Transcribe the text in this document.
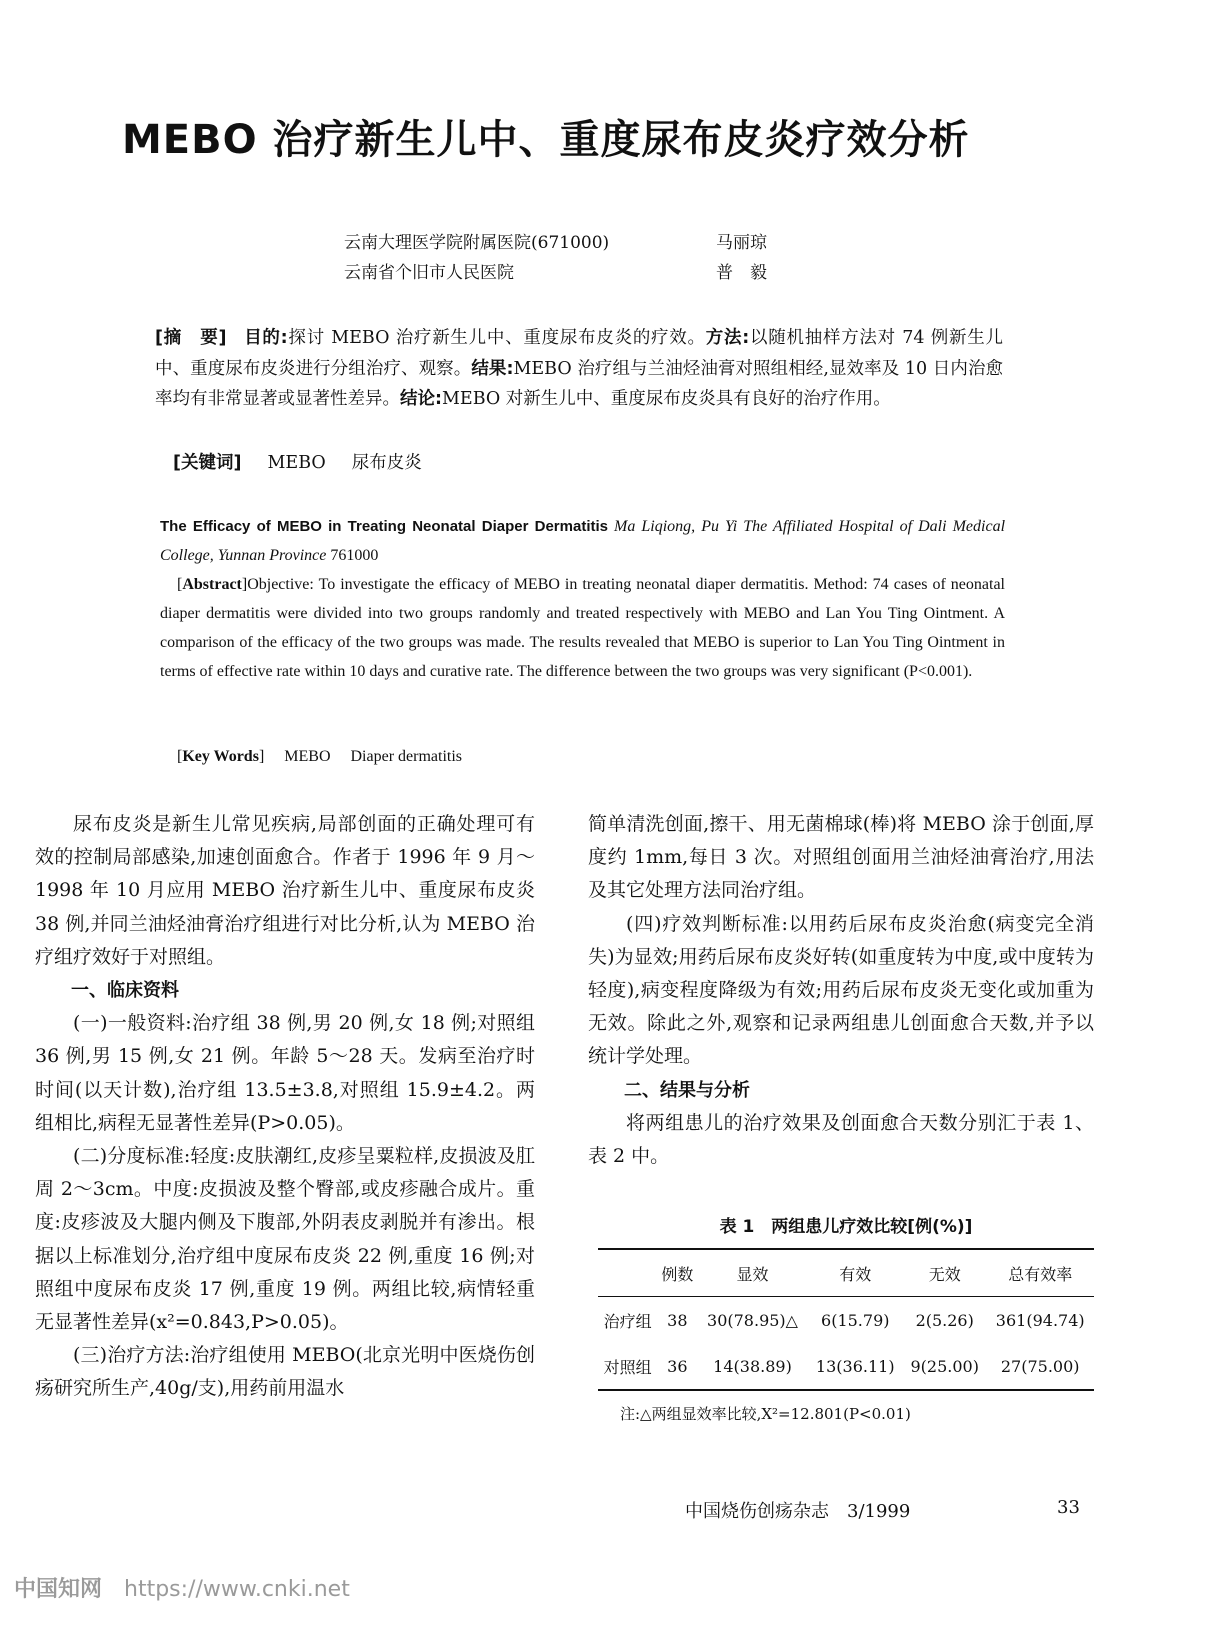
MEBO 治疗新生儿中、重度尿布皮炎疗效分析
云南大理医学院附属医院(671000)	马丽琼
云南省个旧市人民医院	普　毅

[摘　要] 目的:探讨 MEBO 治疗新生儿中、重度尿布皮炎的疗效。方法:以随机抽样方法对 74 例新生儿中、重度尿布皮炎进行分组治疗、观察。结果:MEBO 治疗组与兰油烃油膏对照组相经,显效率及 10 日内治愈率均有非常显著或显著性差异。结论:MEBO 对新生儿中、重度尿布皮炎具有良好的治疗作用。

[关键词] MEBO 尿布皮炎

The Efficacy of MEBO in Treating Neonatal Diaper Dermatitis Ma Liqiong, Pu Yi The Affiliated Hospital of Dali Medical College, Yunnan Province 761000

[Abstract]Objective: To investigate the efficacy of MEBO in treating neonatal diaper dermatitis. Method: 74 cases of neonatal diaper dermatitis were divided into two groups randomly and treated respectively with MEBO and Lan You Ting Ointment. A comparison of the efficacy of the two groups was made. The results revealed that MEBO is superior to Lan You Ting Ointment in terms of effective rate within 10 days and curative rate. The difference between the two groups was very significant (P<0.001).

[Key Words] MEBO Diaper dermatitis

尿布皮炎是新生儿常见疾病,局部创面的正确处理可有效的控制局部感染,加速创面愈合。作者于 1996 年 9 月～1998 年 10 月应用 MEBO 治疗新生儿中、重度尿布皮炎 38 例,并同兰油烃油膏治疗组进行对比分析,认为 MEBO 治疗组疗效好于对照组。

一、临床资料

(一)一般资料:治疗组 38 例,男 20 例,女 18 例;对照组 36 例,男 15 例,女 21 例。年龄 5～28 天。发病至治疗时时间(以天计数),治疗组 13.5±3.8,对照组 15.9±4.2。两组相比,病程无显著性差异(P>0.05)。

(二)分度标准:轻度:皮肤潮红,皮疹呈粟粒样,皮损波及肛周 2～3cm。中度:皮损波及整个臀部,或皮疹融合成片。重度:皮疹波及大腿内侧及下腹部,外阴表皮剥脱并有渗出。根据以上标准划分,治疗组中度尿布皮炎 22 例,重度 16 例;对照组中度尿布皮炎 17 例,重度 19 例。两组比较,病情轻重无显著性差异(x²=0.843,P>0.05)。

(三)治疗方法:治疗组使用 MEBO(北京光明中医烧伤创疡研究所生产,40g/支),用药前用温水

简单清洗创面,擦干、用无菌棉球(棒)将 MEBO 涂于创面,厚度约 1mm,每日 3 次。对照组创面用兰油烃油膏治疗,用法及其它处理方法同治疗组。

(四)疗效判断标准:以用药后尿布皮炎治愈(病变完全消失)为显效;用药后尿布皮炎好转(如重度转为中度,或中度转为轻度),病变程度降级为有效;用药后尿布皮炎无变化或加重为无效。除此之外,观察和记录两组患儿创面愈合天数,并予以统计学处理。

二、结果与分析

将两组患儿的治疗效果及创面愈合天数分别汇于表 1、表 2 中。

表 1　两组患儿疗效比较[例(%)]
	例数	显效	有效	无效	总有效率
治疗组	38	30(78.95)△	6(15.79)	2(5.26)	361(94.74)
对照组	36	14(38.89)	13(36.11)	9(25.00)	27(75.00)
注:△两组显效率比较,X²=12.801(P<0.01)
中国烧伤创疡杂志　3/1999	33
中国知网 https://www.cnki.net
